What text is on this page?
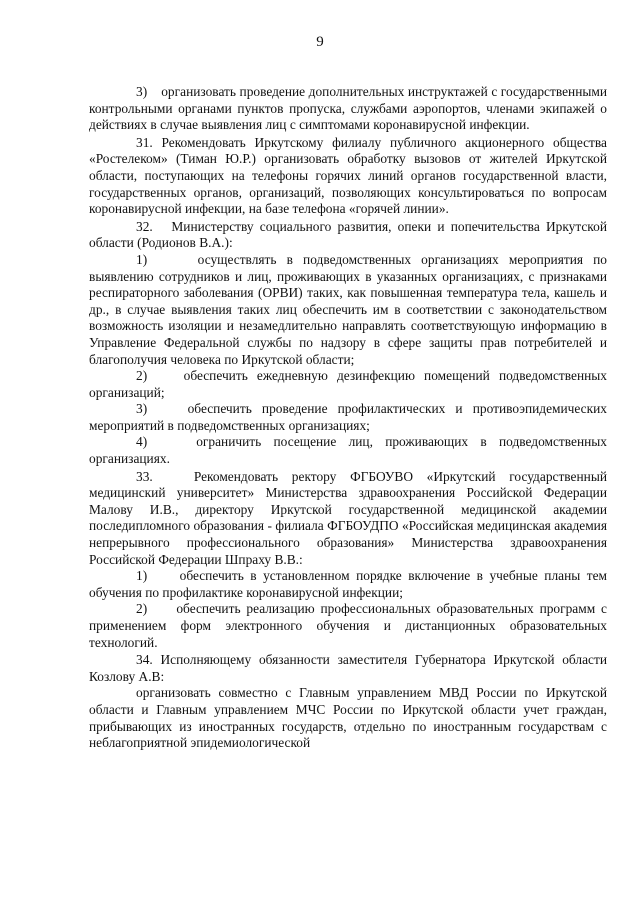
9

3)    организовать проведение дополнительных инструктажей с государственными контрольными органами пунктов пропуска, службами аэропортов, членами экипажей о действиях в случае выявления лиц с симптомами коронавирусной инфекции.

31. Рекомендовать Иркутскому филиалу публичного акционерного общества «Ростелеком» (Тиман Ю.Р.) организовать обработку вызовов от жителей Иркутской области, поступающих на телефоны горячих линий органов государственной власти, государственных органов, организаций, позволяющих консультироваться по вопросам коронавирусной инфекции, на базе телефона «горячей линии».

32.   Министерству социального развития, опеки и попечительства Иркутской области (Родионов В.А.):

1)     осуществлять в подведомственных организациях мероприятия по выявлению сотрудников и лиц, проживающих в указанных организациях, с признаками респираторного заболевания (ОРВИ) таких, как повышенная температура тела, кашель и др., в случае выявления таких лиц обеспечить им в соответствии с законодательством возможность изоляции и незамедлительно направлять соответствующую информацию в Управление Федеральной службы по надзору в сфере защиты прав потребителей и благополучия человека по Иркутской области;

2)    обеспечить ежедневную дезинфекцию помещений подведомственных организаций;

3)    обеспечить проведение профилактических и противоэпидемических мероприятий в подведомственных организациях;

4)    ограничить посещение лиц, проживающих в подведомственных организациях.

33.   Рекомендовать ректору ФГБОУВО «Иркутский государственный медицинский университет» Министерства здравоохранения Российской Федерации Малову И.В., директору Иркутской государственной медицинской академии последипломного образования - филиала ФГБОУДПО «Российская медицинская академия непрерывного профессионального образования» Министерства здравоохранения Российской Федерации Шпраху В.В.:

1)     обеспечить в установленном порядке включение в учебные планы тем обучения по профилактике коронавирусной инфекции;

2)     обеспечить реализацию профессиональных образовательных программ с применением форм электронного обучения и дистанционных образовательных технологий.

34. Исполняющему обязанности заместителя Губернатора Иркутской области Козлову А.В:

организовать совместно с Главным управлением МВД России по Иркутской области и Главным управлением МЧС России по Иркутской области учет граждан, прибывающих из иностранных государств, отдельно по иностранным государствам с неблагоприятной эпидемиологической
